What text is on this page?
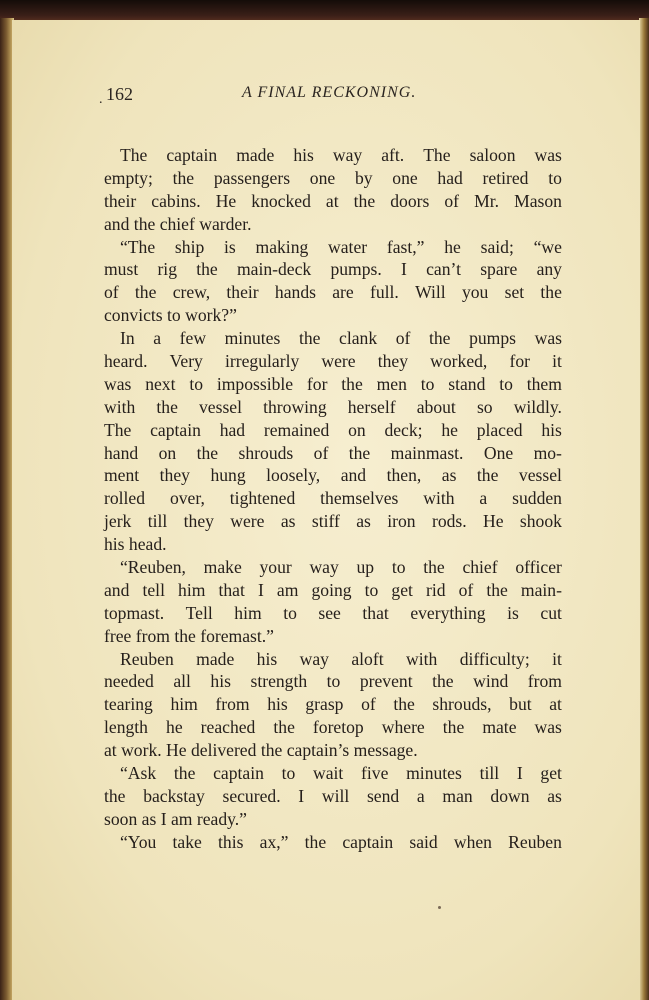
. 162	A FINAL RECKONING.
The captain made his way aft. The saloon was
empty; the passengers one by one had retired to
their cabins. He knocked at the doors of Mr. Mason
and the chief warder.
“The ship is making water fast,” he said; “we
must rig the main-deck pumps. I can’t spare any
of the crew, their hands are full. Will you set the
convicts to work?”
In a few minutes the clank of the pumps was
heard. Very irregularly were they worked, for it
was next to impossible for the men to stand to them
with the vessel throwing herself about so wildly.
The captain had remained on deck; he placed his
hand on the shrouds of the mainmast. One mo-
ment they hung loosely, and then, as the vessel
rolled over, tightened themselves with a sudden
jerk till they were as stiff as iron rods. He shook
his head.
“Reuben, make your way up to the chief officer
and tell him that I am going to get rid of the main-
topmast. Tell him to see that everything is cut
free from the foremast.”
Reuben made his way aloft with difficulty; it
needed all his strength to prevent the wind from
tearing him from his grasp of the shrouds, but at
length he reached the foretop where the mate was
at work. He delivered the captain’s message.
“Ask the captain to wait five minutes till I get
the backstay secured. I will send a man down as
soon as I am ready.”
“You take this ax,” the captain said when Reuben
